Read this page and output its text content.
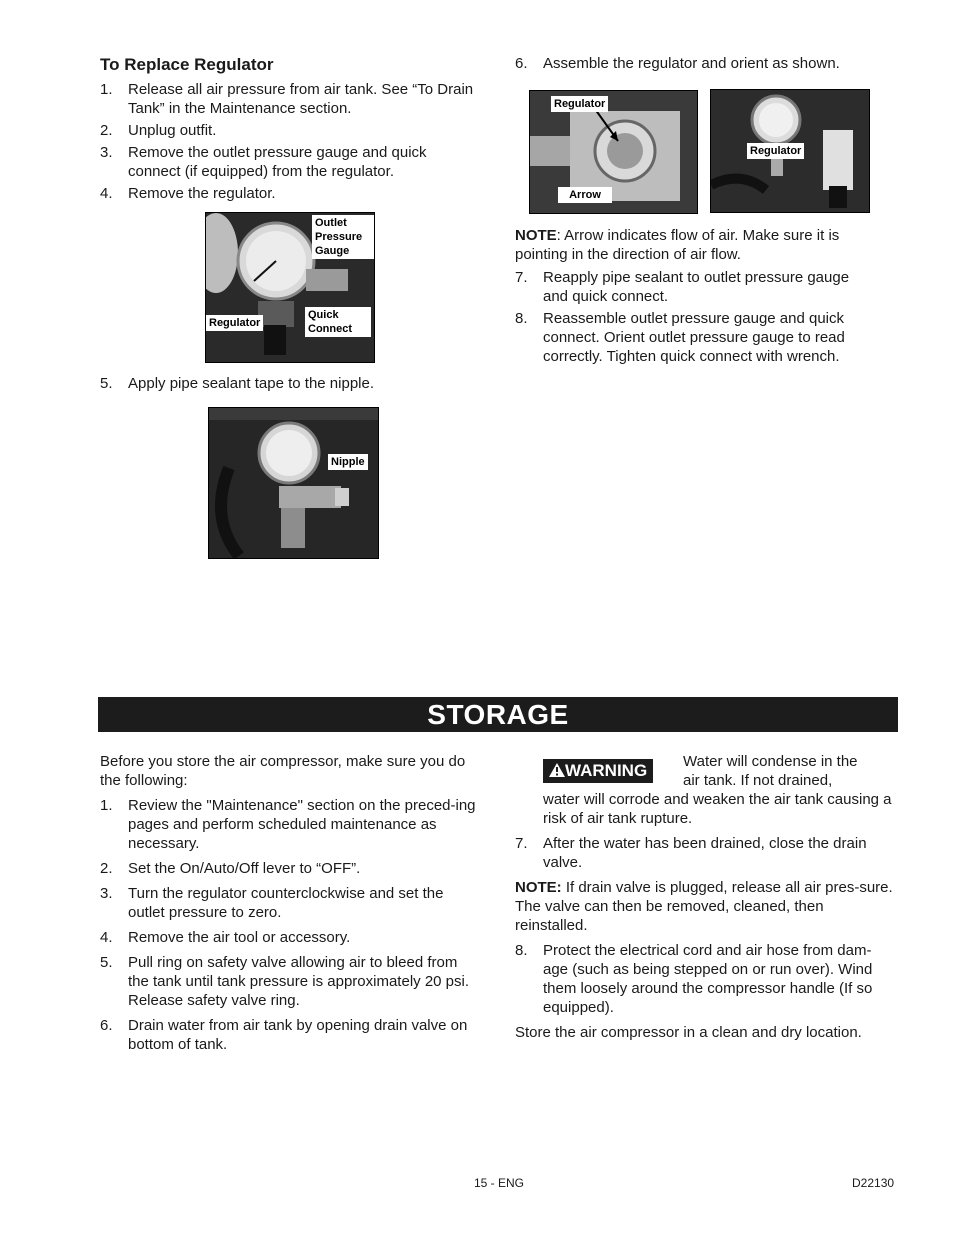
To Replace Regulator
1. Release all air pressure from air tank. See “To Drain Tank” in the Maintenance section.
2. Unplug outfit.
3. Remove the outlet pressure gauge and quick connect (if equipped) from the regulator.
4. Remove the regulator.
Outlet Pressure Gauge
Regulator
Quick Connect
5. Apply pipe sealant tape to the nipple.
Nipple
6. Assemble the regulator and orient as shown.
Regulator
Arrow
Regulator

NOTE: Arrow indicates flow of air. Make sure it is pointing in the direction of air flow.

7. Reapply pipe sealant to outlet pressure gauge and quick connect.
8. Reassemble outlet pressure gauge and quick connect. Orient outlet pressure gauge to read correctly. Tighten quick connect with wrench.
STORAGE

Before you store the air compressor, make sure you do the following:

1. Review the "Maintenance" section on the preced-ing pages and perform scheduled maintenance as necessary.
2. Set the On/Auto/Off lever to “OFF”.
3. Turn the regulator counterclockwise and set the outlet pressure to zero.
4. Remove the air tool or accessory.
5. Pull ring on safety valve allowing air to bleed from the tank until tank pressure is approximately 20 psi. Release safety valve ring.
6. Drain water from air tank by opening drain valve on bottom of tank.
WARNING	Water will condense in the
air tank. If not drained,

water will corrode and weaken the air tank causing a risk of air tank rupture.

7. After the water has been drained, close the drain valve.

NOTE: If drain valve is plugged, release all air pres-sure. The valve can then be removed, cleaned, then reinstalled.

8. Protect the electrical cord and air hose from dam-age (such as being stepped on or run over). Wind them loosely around the compressor handle (If so equipped).

Store the air compressor in a clean and dry location.

15 - ENG	D22130
